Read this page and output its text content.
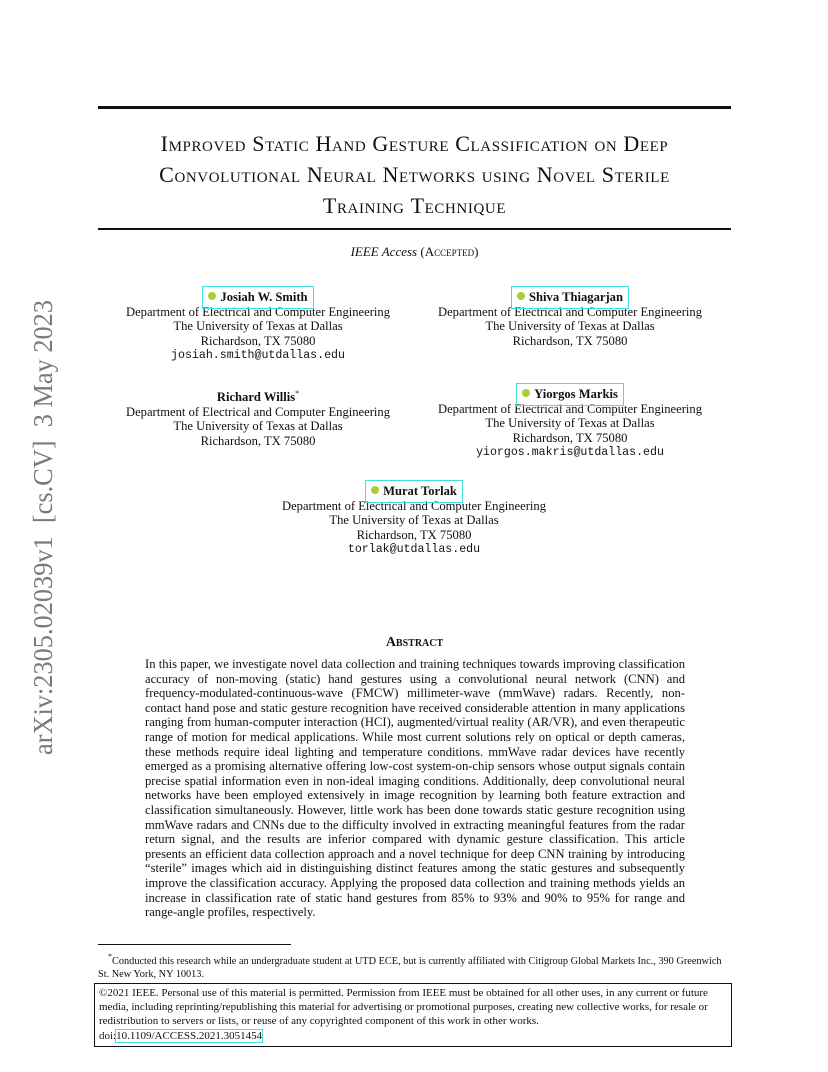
arXiv:2305.02039v1  [cs.CV]  3 May 2023
Improved Static Hand Gesture Classification on Deep
Convolutional Neural Networks using Novel Sterile
Training Technique
IEEE Access (Accepted)
Josiah W. Smith
Department of Electrical and Computer Engineering
The University of Texas at Dallas
Richardson, TX 75080
josiah.smith@utdallas.edu
Shiva Thiagarjan
Department of Electrical and Computer Engineering
The University of Texas at Dallas
Richardson, TX 75080
Richard Willis*
Department of Electrical and Computer Engineering
The University of Texas at Dallas
Richardson, TX 75080
Yiorgos Markis
Department of Electrical and Computer Engineering
The University of Texas at Dallas
Richardson, TX 75080
yiorgos.makris@utdallas.edu
Murat Torlak
Department of Electrical and Computer Engineering
The University of Texas at Dallas
Richardson, TX 75080
torlak@utdallas.edu
Abstract
In this paper, we investigate novel data collection and training techniques towards improving classification accuracy of non-moving (static) hand gestures using a convolutional neural network (CNN) and frequency-modulated-continuous-wave (FMCW) millimeter-wave (mmWave) radars. Recently, non-contact hand pose and static gesture recognition have received considerable attention in many applications ranging from human-computer interaction (HCI), augmented/virtual reality (AR/VR), and even therapeutic range of motion for medical applications. While most current solutions rely on optical or depth cameras, these methods require ideal lighting and temperature conditions. mmWave radar devices have recently emerged as a promising alternative offering low-cost system-on-chip sensors whose output signals contain precise spatial information even in non-ideal imaging conditions. Additionally, deep convolutional neural networks have been employed extensively in image recognition by learning both feature extraction and classification simultaneously. However, little work has been done towards static gesture recognition using mmWave radars and CNNs due to the difficulty involved in extracting meaningful features from the radar return signal, and the results are inferior compared with dynamic gesture classification. This article presents an efficient data collection approach and a novel technique for deep CNN training by introducing “sterile” images which aid in distinguishing distinct features among the static gestures and subsequently improve the classification accuracy. Applying the proposed data collection and training methods yields an increase in classification rate of static hand gestures from 85% to 93% and 90% to 95% for range and range-angle profiles, respectively.
*Conducted this research while an undergraduate student at UTD ECE, but is currently affiliated with Citigroup Global Markets Inc., 390 Greenwich St. New York, NY 10013.
©2021 IEEE. Personal use of this material is permitted. Permission from IEEE must be obtained for all other uses, in any current or future media, including reprinting/republishing this material for advertising or promotional purposes, creating new collective works, for resale or redistribution to servers or lists, or reuse of any copyrighted component of this work in other works.
doi:10.1109/ACCESS.2021.3051454
